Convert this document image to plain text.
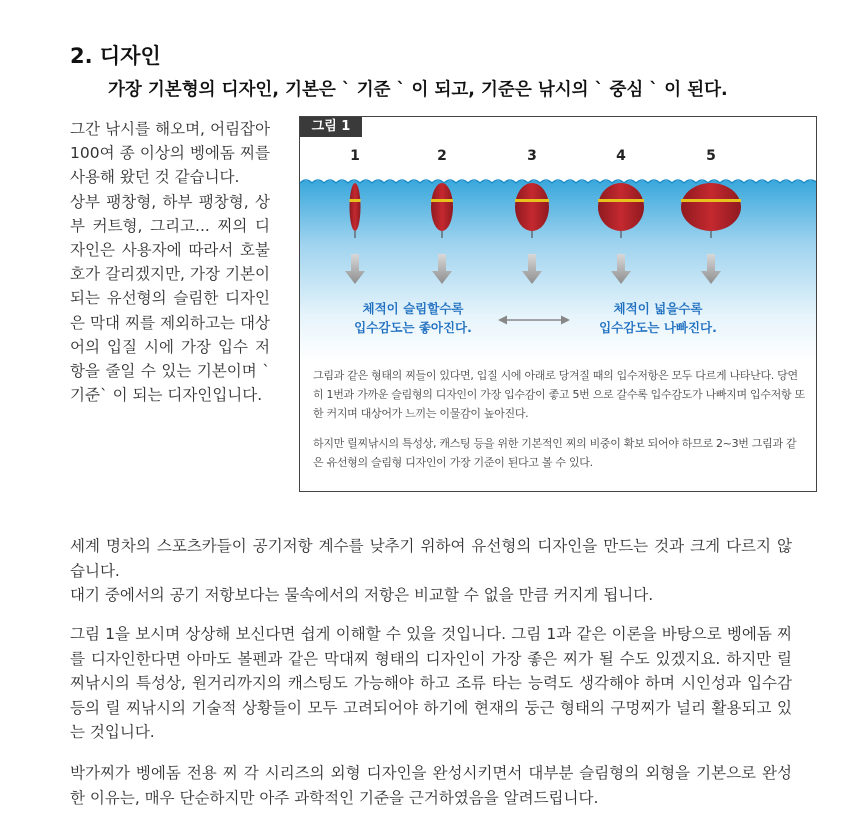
2. 디자인
가장 기본형의 디자인, 기본은 ` 기준 ` 이 되고, 기준은 낚시의 ` 중심 ` 이 된다.

그간 낚시를 해오며, 어림잡아 100여 종 이상의 벵에돔 찌를 사용해 왔던 것 같습니다.

상부 팽창형, 하부 팽창형, 상부 커트형, 그리고... 찌의 디자인은 사용자에 따라서 호불호가 갈리겠지만, 가장 기본이 되는 유선형의 슬림한 디자인은 막대 찌를 제외하고는 대상어의 입질 시에 가장 입수 저항을 줄일 수 있는 기본이며 `기준` 이 되는 디자인입니다.

1	2	3	4	5
체적이 슬림할수록
입수감도는 좋아진다.
체적이 넓을수록
입수감도는 나빠진다.
그림 1

그림과 같은 형태의 찌들이 있다면, 입질 시에 아래로 당겨질 때의 입수저항은 모두 다르게 나타난다. 당연히 1번과 가까운 슬림형의 디자인이 가장 입수감이 좋고 5번 으로 갈수록 입수감도가 나빠지며 입수저항 또한 커지며 대상어가 느끼는 이물감이 높아진다.

하지만 릴찌낚시의 특성상, 캐스팅 등을 위한 기본적인 찌의 비중이 확보 되어야 하므로 2~3번 그림과 같은 유선형의 슬림형 디자인이 가장 기준이 된다고 볼 수 있다.

세계 명차의 스포츠카들이 공기저항 계수를 낮추기 위하여 유선형의 디자인을 만드는 것과 크게 다르지 않습니다.

대기 중에서의 공기 저항보다는 물속에서의 저항은 비교할 수 없을 만큼 커지게 됩니다.

그림 1을 보시며 상상해 보신다면 쉽게 이해할 수 있을 것입니다. 그림 1과 같은 이론을 바탕으로 벵에돔 찌를 디자인한다면 아마도 볼펜과 같은 막대찌 형태의 디자인이 가장 좋은 찌가 될 수도 있겠지요. 하지만 릴 찌낚시의 특성상, 원거리까지의 캐스팅도 가능해야 하고 조류 타는 능력도 생각해야 하며 시인성과 입수감 등의 릴 찌낚시의 기술적 상황들이 모두 고려되어야 하기에 현재의 둥근 형태의 구멍찌가 널리 활용되고 있는 것입니다.

박가찌가 벵에돔 전용 찌 각 시리즈의 외형 디자인을 완성시키면서 대부분 슬림형의 외형을 기본으로 완성한 이유는, 매우 단순하지만 아주 과학적인 기준을 근거하였음을 알려드립니다.
